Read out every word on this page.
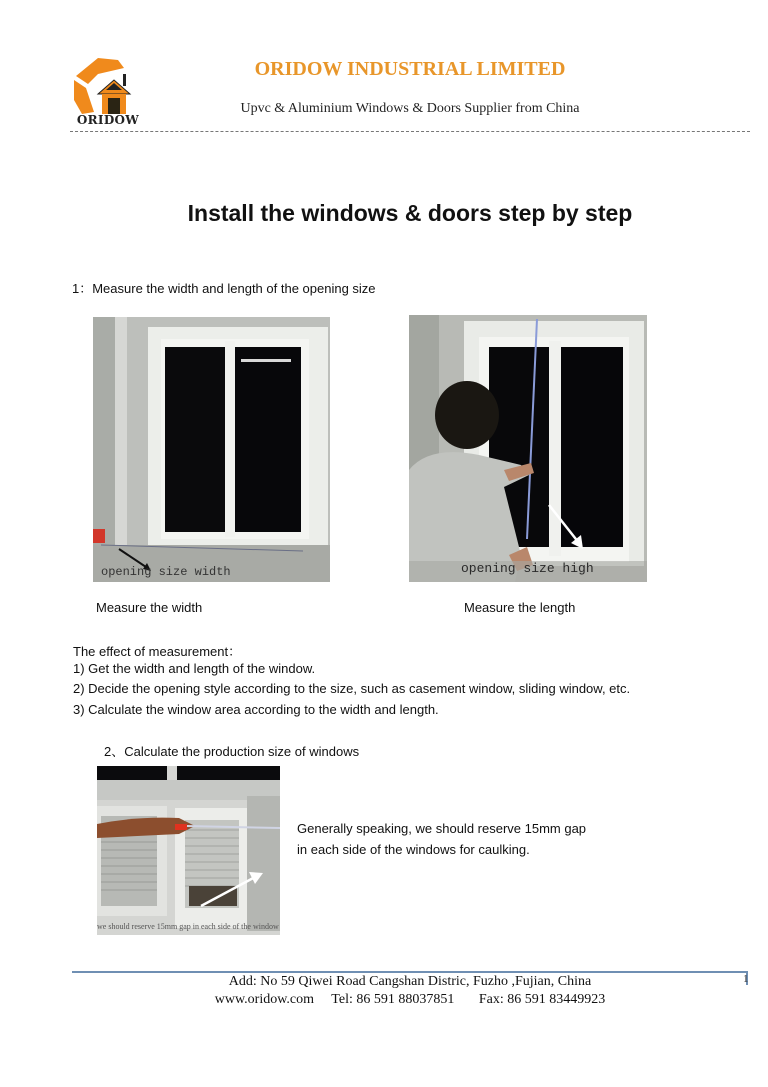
ORIDOW
ORIDOW INDUSTRIAL LIMITED
Upvc & Aluminium Windows & Doors Supplier from China
Install the windows & doors step by step
1：Measure the width and length of the opening size
opening size width	opening size high
Measure the width	Measure the length
The effect of measurement：
1) Get the width and length of the window.
2) Decide the opening style according to the size, such as casement window, sliding window, etc.
3) Calculate the window area according to the width and length.
2、Calculate the production size of windows
we should reserve 15mm gap in each side of the window
Generally speaking, we should reserve 15mm gap
in each side of the windows for caulking.
1
Add: No 59 Qiwei Road Cangshan Distric, Fuzho ,Fujian, China
www.oridow.com     Tel: 86 591 88037851       Fax: 86 591 83449923
